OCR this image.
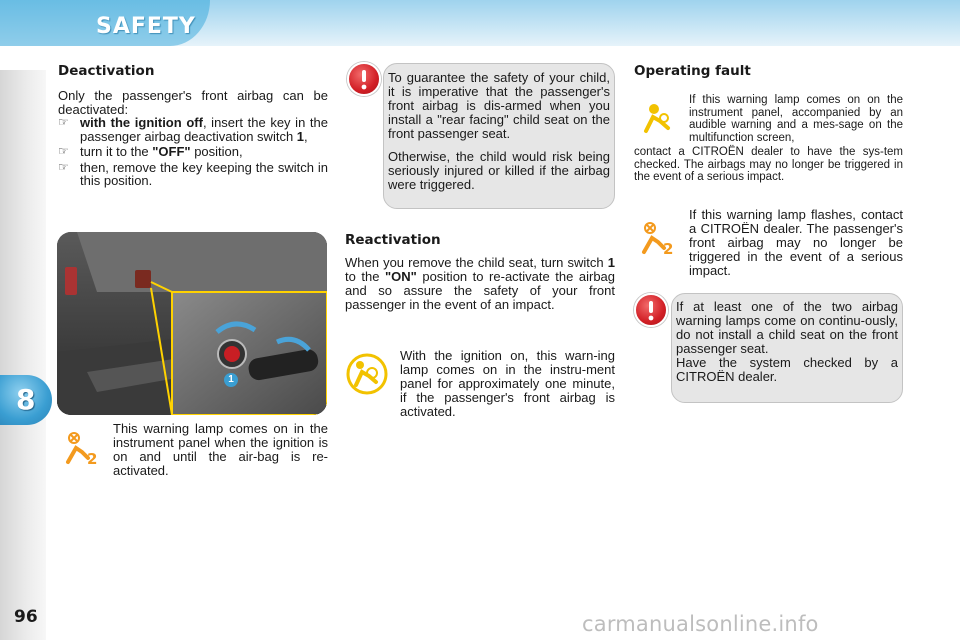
SAFETY
8
96
Deactivation
Only the passenger's front airbag can be deactivated:
☞ with the ignition off, insert the key in the passenger airbag deactivation switch 1,
☞ turn it to the "OFF" position,
☞ then, remove the key keeping the switch in this position.
1
2
This warning lamp comes on in the instrument panel when the ignition is on and until the air-bag is re-activated.
To guarantee the safety of your child, it is imperative that the passenger's front airbag is dis-armed when you install a "rear facing" child seat on the front passenger seat.
Otherwise, the child would risk being seriously injured or killed if the airbag were triggered.
Reactivation
When you remove the child seat, turn switch 1 to the "ON" position to re-activate the airbag and so assure the safety of your front passenger in the event of an impact.
With the ignition on, this warn-ing lamp comes on in the instru-ment panel for approximately one minute, if the passenger's front airbag is activated.
Operating fault
If this warning lamp comes on on the instrument panel, accompanied by an audible warning and a mes-sage on the multifunction screen,
contact a CITROËN dealer to have the sys-tem checked. The airbags may no longer be triggered in the event of a serious impact.
2
If this warning lamp flashes, contact a CITROËN dealer. The passenger's front airbag may no longer be triggered in the event of a serious impact.
If at least one of the two airbag warning lamps come on continu-ously, do not install a child seat on the front passenger seat.
Have the system checked by a CITROËN dealer.
carmanualsonline.info
